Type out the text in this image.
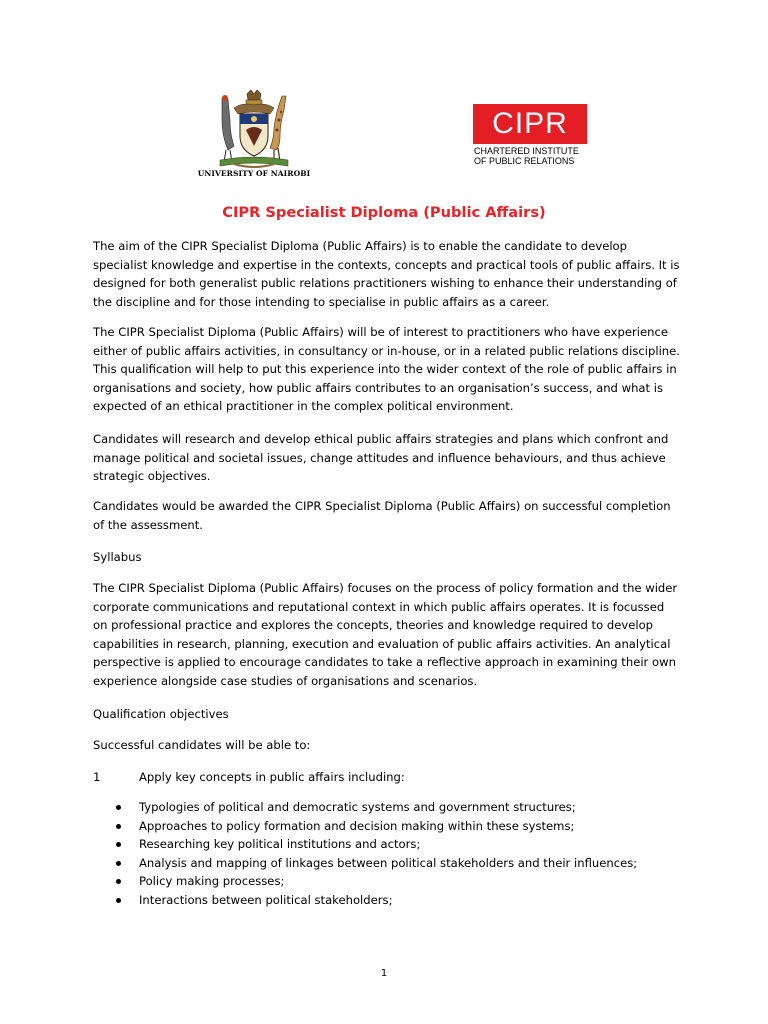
UNIVERSITY OF NAIROBI
CIPR
CHARTERED INSTITUTE
OF PUBLIC RELATIONS
CIPR Specialist Diploma (Public Affairs)
The aim of the CIPR Specialist Diploma (Public Affairs) is to enable the candidate to develop
specialist knowledge and expertise in the contexts, concepts and practical tools of public affairs. It is
designed for both generalist public relations practitioners wishing to enhance their understanding of
the discipline and for those intending to specialise in public affairs as a career.
The CIPR Specialist Diploma (Public Affairs) will be of interest to practitioners who have experience
either of public affairs activities, in consultancy or in-house, or in a related public relations discipline.
This qualification will help to put this experience into the wider context of the role of public affairs in
organisations and society, how public affairs contributes to an organisation’s success, and what is
expected of an ethical practitioner in the complex political environment.
Candidates will research and develop ethical public affairs strategies and plans which confront and
manage political and societal issues, change attitudes and influence behaviours, and thus achieve
strategic objectives.
Candidates would be awarded the CIPR Specialist Diploma (Public Affairs) on successful completion
of the assessment.
Syllabus
The CIPR Specialist Diploma (Public Affairs) focuses on the process of policy formation and the wider
corporate communications and reputational context in which public affairs operates. It is focussed
on professional practice and explores the concepts, theories and knowledge required to develop
capabilities in research, planning, execution and evaluation of public affairs activities. An analytical
perspective is applied to encourage candidates to take a reflective approach in examining their own
experience alongside case studies of organisations and scenarios.
Qualification objectives
Successful candidates will be able to:
1	Apply key concepts in public affairs including:
Typologies of political and democratic systems and government structures;
Approaches to policy formation and decision making within these systems;
Researching key political institutions and actors;
Analysis and mapping of linkages between political stakeholders and their influences;
Policy making processes;
Interactions between political stakeholders;
1
